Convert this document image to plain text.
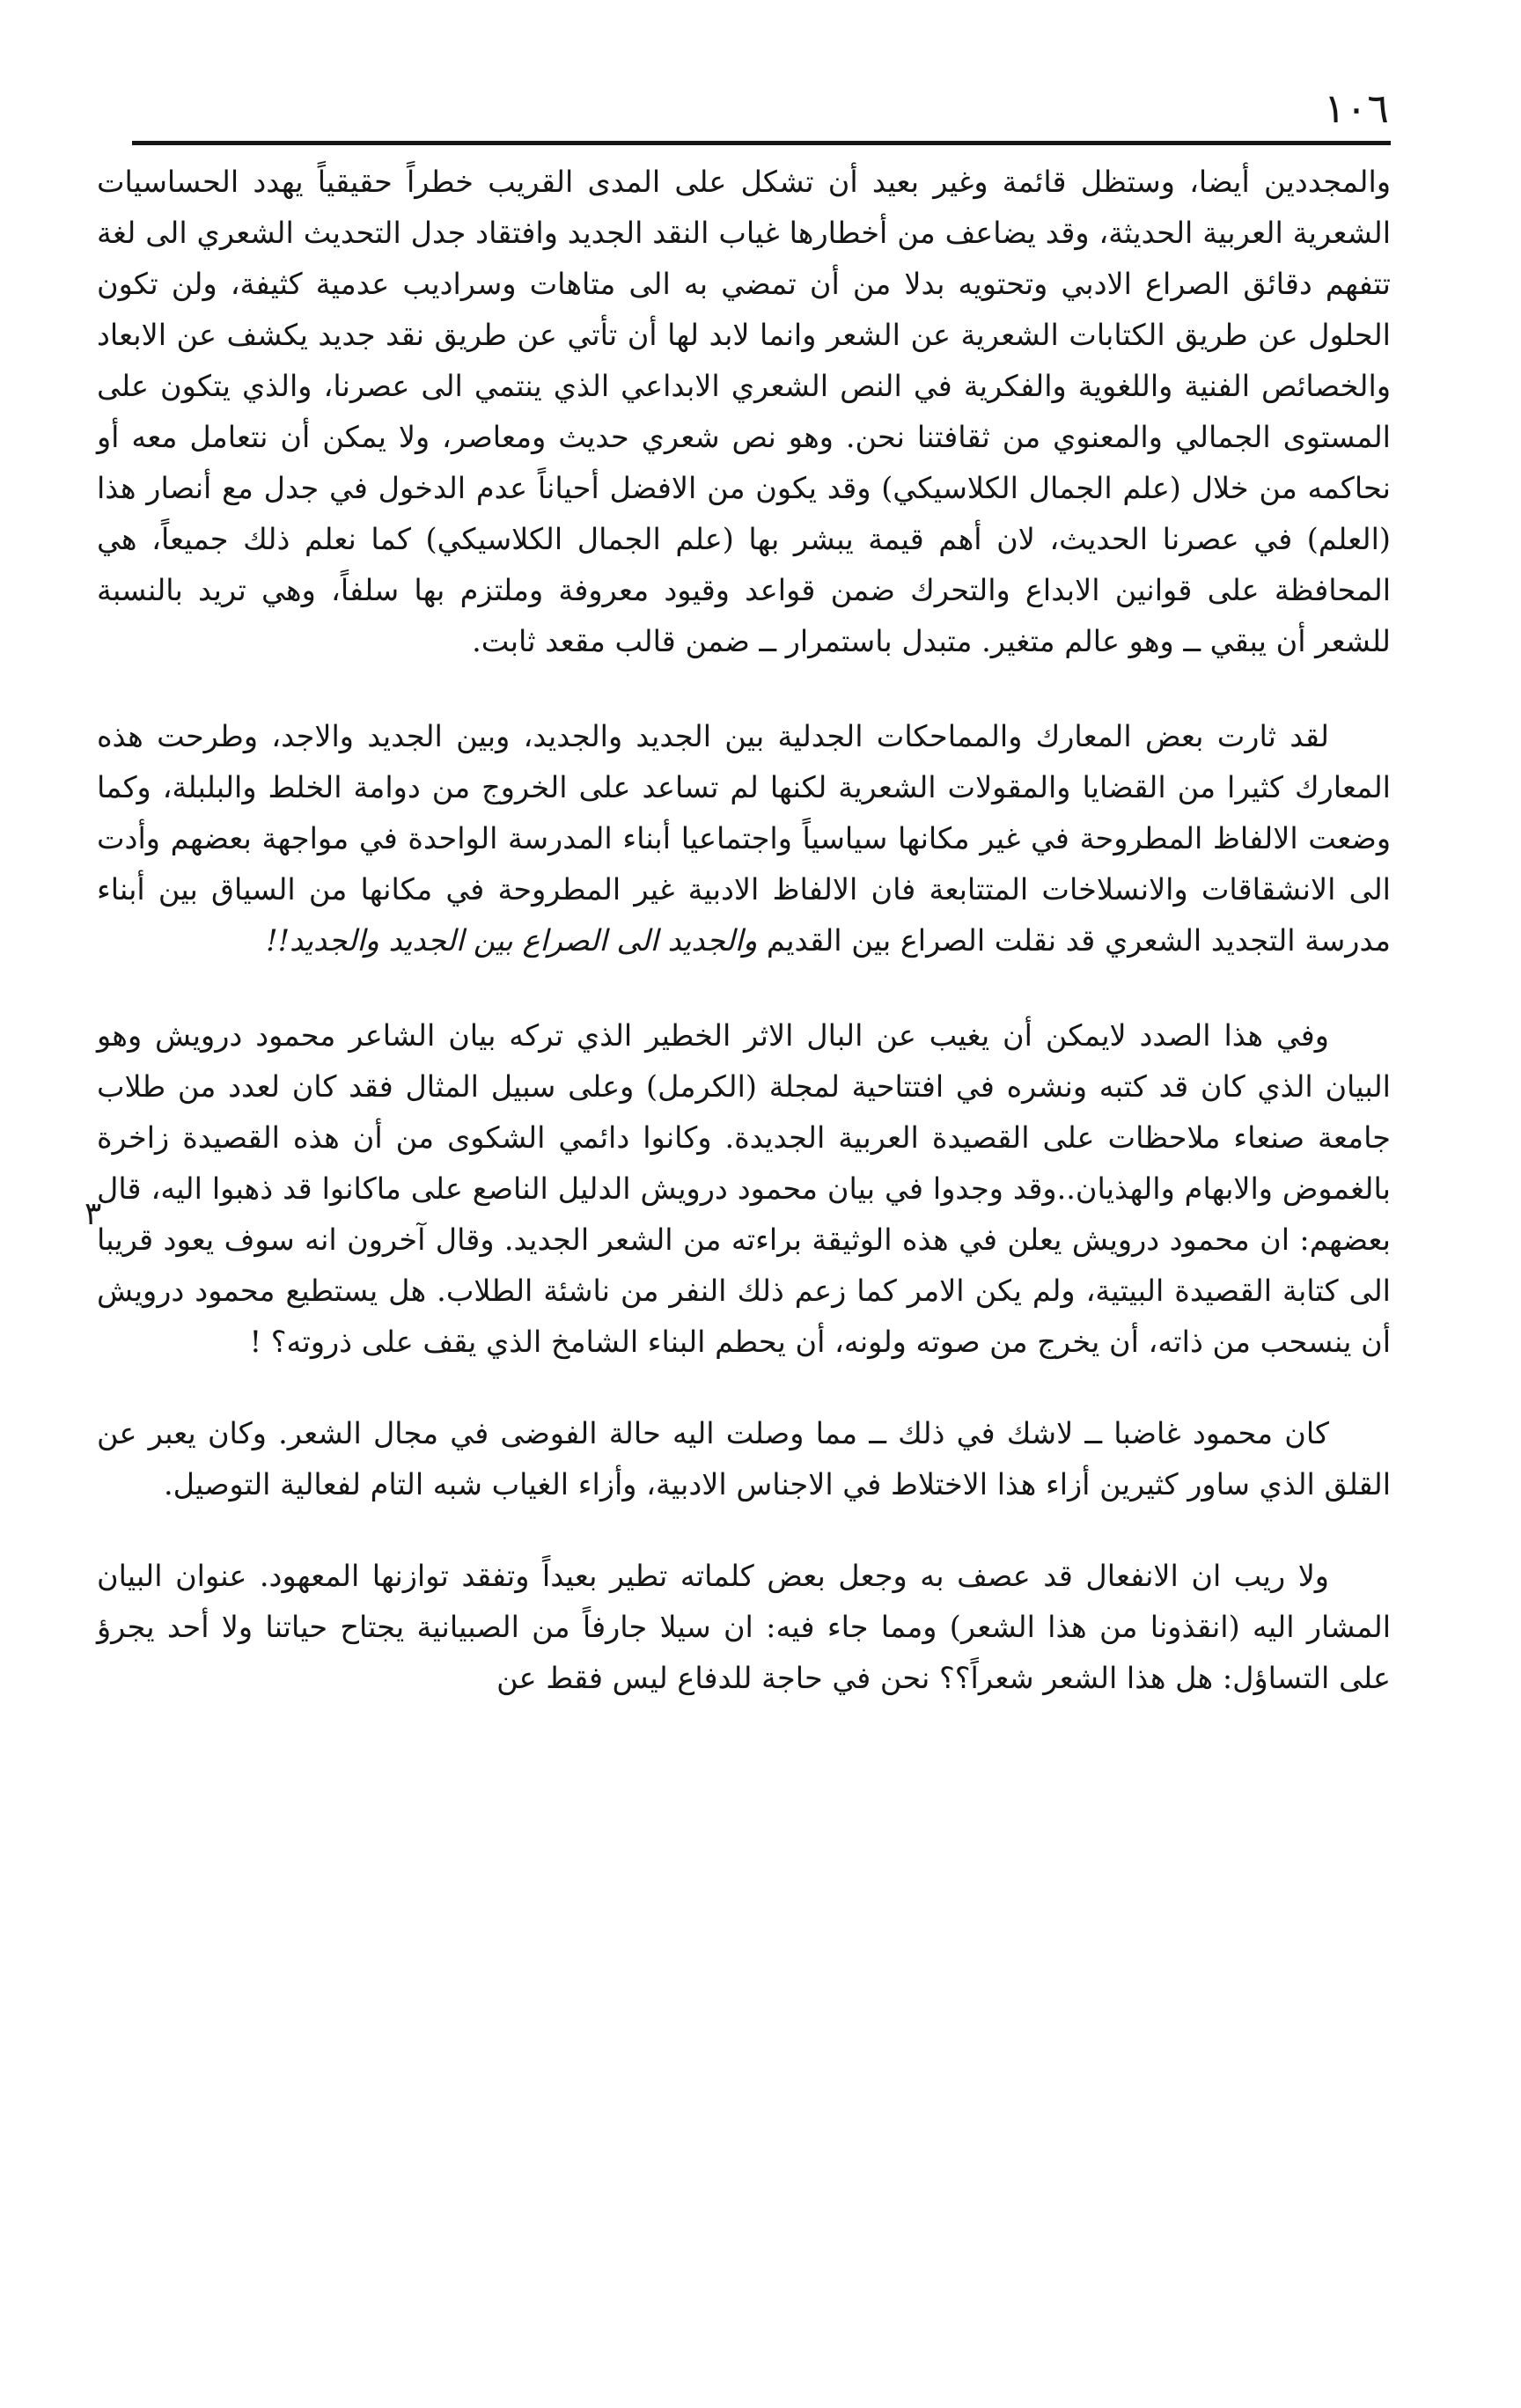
١٠٦
٣

والمجددين أيضا، وستظل قائمة وغير بعيد أن تشكل على المدى القريب خطراً حقيقياً يهدد الحساسيات الشعرية العربية الحديثة، وقد يضاعف من أخطارها غياب النقد الجديد وافتقاد جدل التحديث الشعري الى لغة تتفهم دقائق الصراع الادبي وتحتويه بدلا من أن تمضي به الى متاهات وسراديب عدمية كثيفة، ولن تكون الحلول عن طريق الكتابات الشعرية عن الشعر وانما لابد لها أن تأتي عن طريق نقد جديد يكشف عن الابعاد والخصائص الفنية واللغوية والفكرية في النص الشعري الابداعي الذي ينتمي الى عصرنا، والذي يتكون على المستوى الجمالي والمعنوي من ثقافتنا نحن. وهو نص شعري حديث ومعاصر، ولا يمكن أن نتعامل معه أو نحاكمه من خلال (علم الجمال الكلاسيكي) وقد يكون من الافضل أحياناً عدم الدخول في جدل مع أنصار هذا (العلم) في عصرنا الحديث، لان أهم قيمة يبشر بها (علم الجمال الكلاسيكي) كما نعلم ذلك جميعاً، هي المحافظة على قوانين الابداع والتحرك ضمن قواعد وقيود معروفة وملتزم بها سلفاً، وهي تريد بالنسبة للشعر أن يبقي ــ وهو عالم متغير. متبدل باستمرار ــ ضمن قالب مقعد ثابت.

لقد ثارت بعض المعارك والمماحكات الجدلية بين الجديد والجديد، وبين الجديد والاجد، وطرحت هذه المعارك كثيرا من القضايا والمقولات الشعرية لكنها لم تساعد على الخروج من دوامة الخلط والبلبلة، وكما وضعت الالفاظ المطروحة في غير مكانها سياسياً واجتماعيا أبناء المدرسة الواحدة في مواجهة بعضهم وأدت الى الانشقاقات والانسلاخات المتتابعة فان الالفاظ الادبية غير المطروحة في مكانها من السياق بين أبناء مدرسة التجديد الشعري قد نقلت الصراع بين القديم والجديد الى الصراع بين الجديد والجديد!!

وفي هذا الصدد لايمكن أن يغيب عن البال الاثر الخطير الذي تركه بيان الشاعر محمود درويش وهو البيان الذي كان قد كتبه ونشره في افتتاحية لمجلة (الكرمل) وعلى سبيل المثال فقد كان لعدد من طلاب جامعة صنعاء ملاحظات على القصيدة العربية الجديدة. وكانوا دائمي الشكوى من أن هذه القصيدة زاخرة بالغموض والابهام والهذيان..وقد وجدوا في بيان محمود درويش الدليل الناصع على ماكانوا قد ذهبوا اليه، قال بعضهم: ان محمود درويش يعلن في هذه الوثيقة براءته من الشعر الجديد. وقال آخرون انه سوف يعود قريبا الى كتابة القصيدة البيتية، ولم يكن الامر كما زعم ذلك النفر من ناشئة الطلاب. هل يستطيع محمود درويش أن ينسحب من ذاته، أن يخرج من صوته ولونه، أن يحطم البناء الشامخ الذي يقف على ذروته؟ !

كان محمود غاضبا ــ لاشك في ذلك ــ مما وصلت اليه حالة الفوضى في مجال الشعر. وكان يعبر عن القلق الذي ساور كثيرين أزاء هذا الاختلاط في الاجناس الادبية، وأزاء الغياب شبه التام لفعالية التوصيل.

ولا ريب ان الانفعال قد عصف به وجعل بعض كلماته تطير بعيداً وتفقد توازنها المعهود. عنوان البيان المشار اليه (انقذونا من هذا الشعر) ومما جاء فيه: ان سيلا جارفاً من الصبيانية يجتاح حياتنا ولا أحد يجرؤ على التساؤل: هل هذا الشعر شعراً؟؟ نحن في حاجة للدفاع ليس فقط عن
